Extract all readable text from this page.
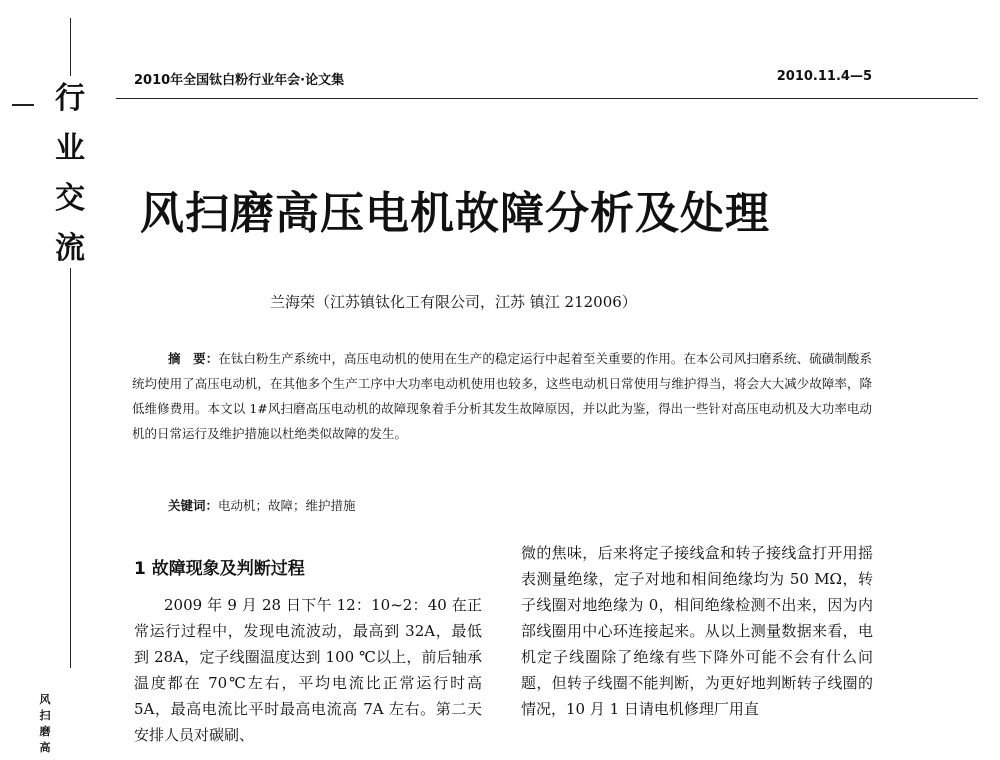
行
业
交
流
风
扫
磨
高
2010年全国钛白粉行业年会·论文集	2010.11.4—5
风扫磨高压电机故障分析及处理
兰海荣（江苏镇钛化工有限公司，江苏 镇江 212006）
摘　要：在钛白粉生产系统中，高压电动机的使用在生产的稳定运行中起着至关重要的作用。在本公司风扫磨系统、硫磺制酸系统均使用了高压电动机，在其他多个生产工序中大功率电动机使用也较多，这些电动机日常使用与维护得当，将会大大减少故障率，降低维修费用。本文以 1#风扫磨高压电动机的故障现象着手分析其发生故障原因，并以此为鉴，得出一些针对高压电动机及大功率电动机的日常运行及维护措施以杜绝类似故障的发生。
关键词：电动机；故障；维护措施
1 故障现象及判断过程
2009 年 9 月 28 日下午 12：10~2：40 在正常运行过程中，发现电流波动，最高到 32A，最低到 28A，定子线圈温度达到 100 ℃以上，前后轴承温度都在 70℃左右，平均电流比正常运行时高 5A，最高电流比平时最高电流高 7A 左右。第二天安排人员对碳刷、
微的焦味，后来将定子接线盒和转子接线盒打开用摇表测量绝缘，定子对地和相间绝缘均为 50 MΩ，转子线圈对地绝缘为 0，相间绝缘检测不出来，因为内部线圈用中心环连接起来。从以上测量数据来看，电机定子线圈除了绝缘有些下降外可能不会有什么问题，但转子线圈不能判断，为更好地判断转子线圈的情况，10 月 1 日请电机修理厂用直
